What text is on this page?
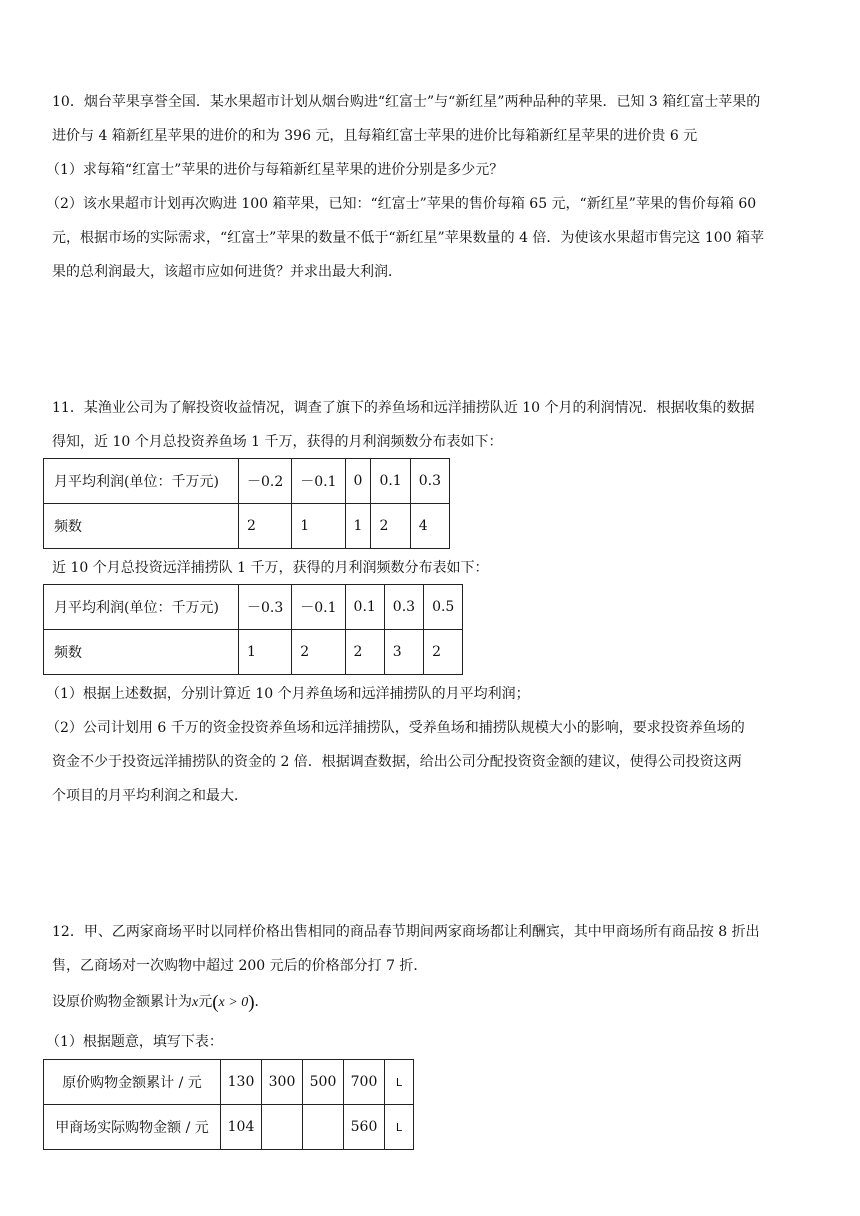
10．烟台苹果享誉全国．某水果超市计划从烟台购进“红富士”与“新红星”两种品种的苹果．已知 3 箱红富士苹果的
进价与 4 箱新红星苹果的进价的和为 396 元，且每箱红富士苹果的进价比每箱新红星苹果的进价贵 6 元
（1）求每箱“红富士”苹果的进价与每箱新红星苹果的进价分别是多少元？
（2）该水果超市计划再次购进 100 箱苹果，已知：“红富士”苹果的售价每箱 65 元，“新红星”苹果的售价每箱 60
元，根据市场的实际需求，“红富士”苹果的数量不低于“新红星”苹果数量的 4 倍．为使该水果超市售完这 100 箱苹
果的总利润最大，该超市应如何进货？并求出最大利润．
11．某渔业公司为了解投资收益情况，调查了旗下的养鱼场和远洋捕捞队近 10 个月的利润情况．根据收集的数据
得知，近 10 个月总投资养鱼场 1 千万，获得的月利润频数分布表如下：
月平均利润(单位：千万元)	－0.2	－0.1	0	0.1	0.3
频数	2	1	1	2	4
近 10 个月总投资远洋捕捞队 1 千万，获得的月利润频数分布表如下：
月平均利润(单位：千万元)	－0.3	－0.1	0.1	0.3	0.5
频数	1	2	2	3	2
（1）根据上述数据，分别计算近 10 个月养鱼场和远洋捕捞队的月平均利润；
（2）公司计划用 6 千万的资金投资养鱼场和远洋捕捞队，受养鱼场和捕捞队规模大小的影响，要求投资养鱼场的
资金不少于投资远洋捕捞队的资金的 2 倍．根据调查数据，给出公司分配投资资金额的建议，使得公司投资这两
个项目的月平均利润之和最大．
12．甲、乙两家商场平时以同样价格出售相同的商品春节期间两家商场都让利酬宾，其中甲商场所有商品按 8 折出
售，乙商场对一次购物中超过 200 元后的价格部分打 7 折．
设原价购物金额累计为x元(x > 0)．
（1）根据题意，填写下表：
原价购物金额累计 / 元	130	300	500	700	L
甲商场实际购物金额 / 元	104			560	L
